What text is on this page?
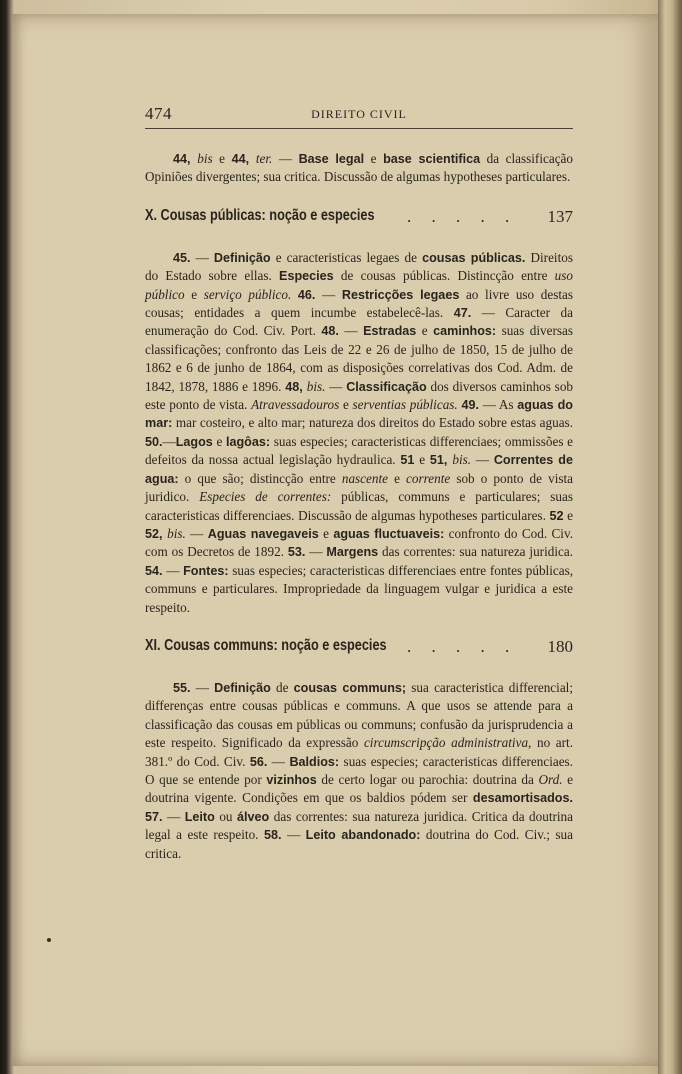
474	DIREITO CIVIL

44, bis e 44, ter. — Base legal e base scientifica da classificação Opiniões divergentes; sua critica. Discussão de algumas hypotheses particulares.

X. Cousas públicas: noção e especies . . . . . 137

45. — Definição e caracteristicas legaes de cousas públicas. Direitos do Estado sobre ellas. Especies de cousas públicas. Distincção entre uso público e serviço público. 46. — Restricções legaes ao livre uso destas cousas; entidades a quem incumbe estabelecê-las. 47. — Caracter da enumeração do Cod. Civ. Port. 48. — Estradas e caminhos: suas diversas classificações; confronto das Leis de 22 e 26 de julho de 1850, 15 de julho de 1862 e 6 de junho de 1864, com as disposições correlativas dos Cod. Adm. de 1842, 1878, 1886 e 1896. 48, bis. — Classificação dos diversos caminhos sob este ponto de vista. Atravessadouros e serventias públicas. 49. — As aguas do mar: mar costeiro, e alto mar; natureza dos direitos do Estado sobre estas aguas. 50.—Lagos e lagôas: suas especies; caracteristicas differenciaes; ommissões e defeitos da nossa actual legislação hydraulica. 51 e 51, bis. — Correntes de agua: o que são; distincção entre nascente e corrente sob o ponto de vista juridico. Especies de correntes: públicas, communs e particulares; suas caracteristicas differenciaes. Discussão de algumas hypotheses particulares. 52 e 52, bis. — Aguas navegaveis e aguas fluctuaveis: confronto do Cod. Civ. com os Decretos de 1892. 53. — Margens das correntes: sua natureza juridica. 54. — Fontes: suas especies; caracteristicas differenciaes entre fontes públicas, communs e particulares. Impropriedade da linguagem vulgar e juridica a este respeito.

XI. Cousas communs: noção e especies . . . . . 180

55. — Definição de cousas communs; sua caracteristica differencial; differenças entre cousas públicas e communs. A que usos se attende para a classificação das cousas em públicas ou communs; confusão da jurisprudencia a este respeito. Significado da expressão circumscripção administrativa, no art. 381.º do Cod. Civ. 56. — Baldios: suas especies; caracteristicas differenciaes. O que se entende por vizinhos de certo logar ou parochia: doutrina da Ord. e doutrina vigente. Condições em que os baldios pódem ser desamortisados. 57. — Leito ou álveo das correntes: sua natureza juridica. Critica da doutrina legal a este respeito. 58. — Leito abandonado: doutrina do Cod. Civ.; sua critica.
